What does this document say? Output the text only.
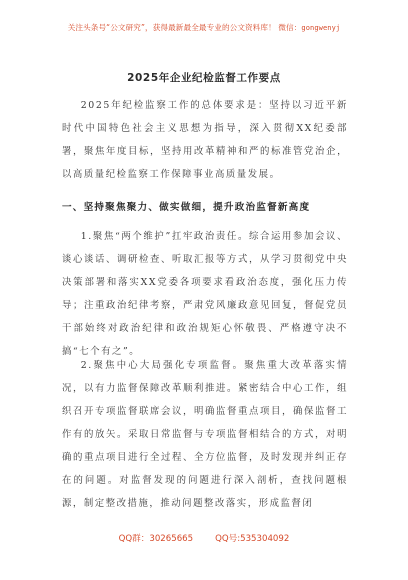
关注头条号“公文研究”，获得最新最全最专业的公文资料库！ 微信：gongwenyj
2025年企业纪检监督工作要点

2025年纪检监察工作的总体要求是：坚持以习近平新时代中国特色社会主义思想为指导，深入贯彻XX纪委部署，聚焦年度目标，坚持用改革精神和严的标准管党治企，以高质量纪检监察工作保障事业高质量发展。

一、坚持聚焦聚力、做实做细，提升政治监督新高度

1.聚焦“两个维护”扛牢政治责任。综合运用参加会议、谈心谈话、调研检查、听取汇报等方式，从学习贯彻党中央决策部署和落实XX党委各项要求看政治态度，强化压力传导；注重政治纪律考察，严肃党风廉政意见回复，督促党员干部始终对政治纪律和政治规矩心怀敬畏、严格遵守决不搞“七个有之”。

2.聚焦中心大局强化专项监督。聚焦重大改革落实情况，以有力监督保障改革顺利推进。紧密结合中心工作，组织召开专项监督联席会议，明确监督重点项目，确保监督工作有的放矢。采取日常监督与专项监督相结合的方式，对明确的重点项目进行全过程、全方位监督，及时发现并纠正存在的问题。对监督发现的问题进行深入剖析，查找问题根源，制定整改措施，推动问题整改落实，形成监督闭

QQ群：30265665	QQ号:535304092
